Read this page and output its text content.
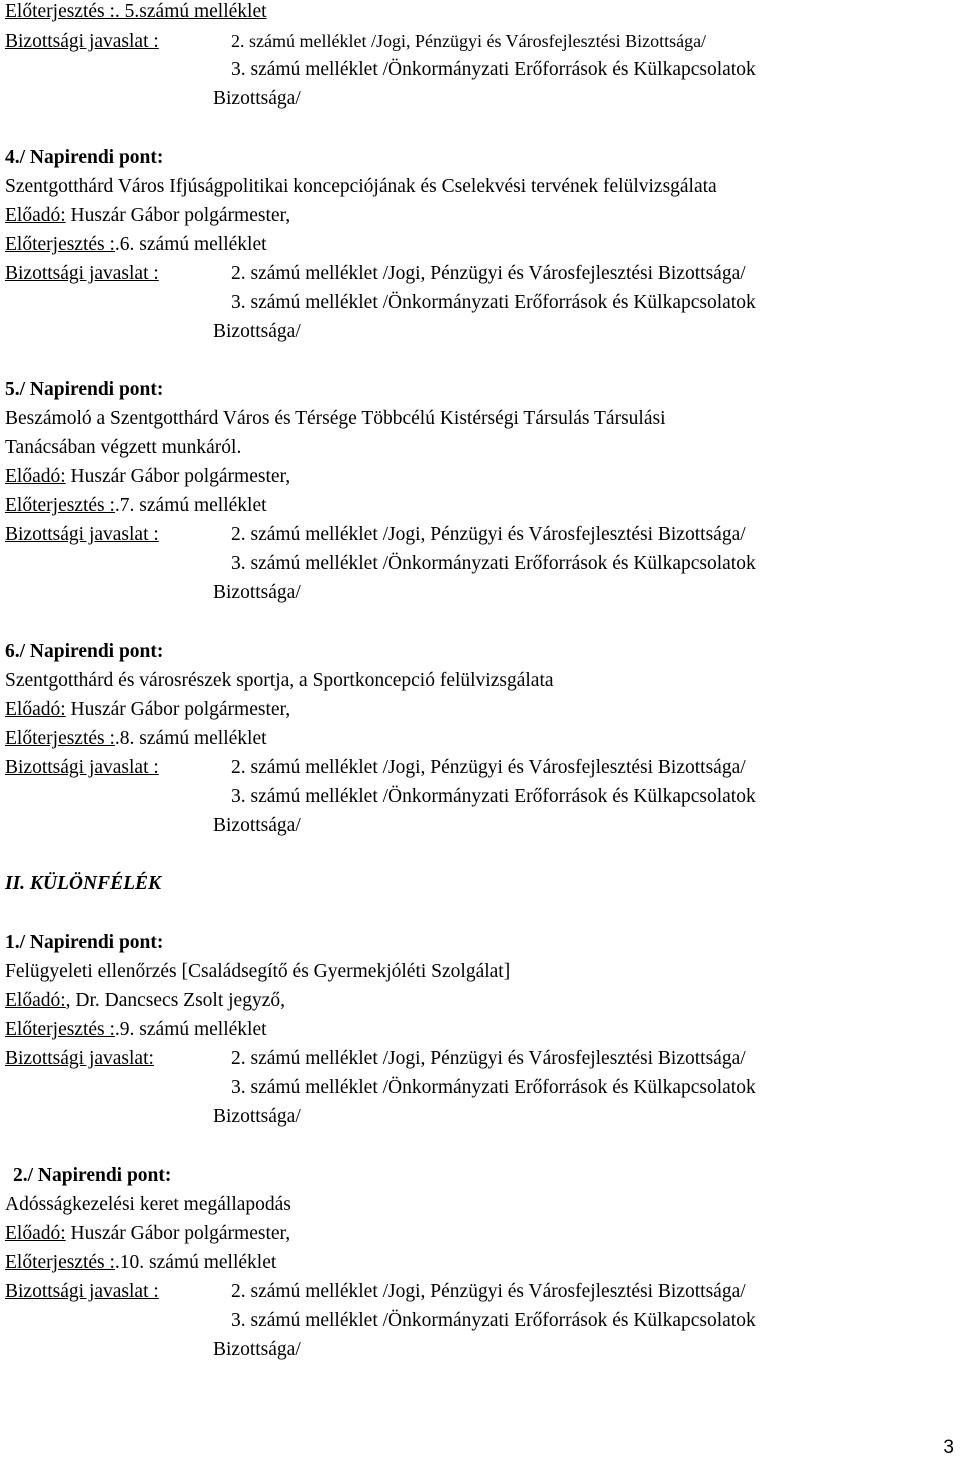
Előterjesztés :. 5.számú melléklet
Bizottsági javaslat :	2. számú melléklet /Jogi, Pénzügyi és Városfejlesztési Bizottsága/
3. számú melléklet /Önkormányzati Erőforrások és Külkapcsolatok
Bizottsága/
4./ Napirendi pont:
Szentgotthárd Város Ifjúságpolitikai koncepciójának és Cselekvési tervének felülvizsgálata
Előadó: Huszár Gábor polgármester,
Előterjesztés :.6. számú melléklet
Bizottsági javaslat :	2. számú melléklet /Jogi, Pénzügyi és Városfejlesztési Bizottsága/
3. számú melléklet /Önkormányzati Erőforrások és Külkapcsolatok
Bizottsága/
5./ Napirendi pont:
Beszámoló a Szentgotthárd Város és Térsége Többcélú Kistérségi Társulás Társulási
Tanácsában végzett munkáról.
Előadó: Huszár Gábor polgármester,
Előterjesztés :.7. számú melléklet
Bizottsági javaslat :	2. számú melléklet /Jogi, Pénzügyi és Városfejlesztési Bizottsága/
3. számú melléklet /Önkormányzati Erőforrások és Külkapcsolatok
Bizottsága/
6./ Napirendi pont:
Szentgotthárd és városrészek sportja, a Sportkoncepció felülvizsgálata
Előadó: Huszár Gábor polgármester,
Előterjesztés :.8. számú melléklet
Bizottsági javaslat :	2. számú melléklet /Jogi, Pénzügyi és Városfejlesztési Bizottsága/
3. számú melléklet /Önkormányzati Erőforrások és Külkapcsolatok
Bizottsága/
II. KÜLÖNFÉLÉK
1./ Napirendi pont:
Felügyeleti ellenőrzés [Családsegítő és Gyermekjóléti Szolgálat]
Előadó:, Dr. Dancsecs Zsolt jegyző,
Előterjesztés :.9. számú melléklet
Bizottsági javaslat:	2. számú melléklet /Jogi, Pénzügyi és Városfejlesztési Bizottsága/
3. számú melléklet /Önkormányzati Erőforrások és Külkapcsolatok
Bizottsága/
2./ Napirendi pont:
Adósságkezelési keret megállapodás
Előadó: Huszár Gábor polgármester,
Előterjesztés :.10. számú melléklet
Bizottsági javaslat :	2. számú melléklet /Jogi, Pénzügyi és Városfejlesztési Bizottsága/
3. számú melléklet /Önkormányzati Erőforrások és Külkapcsolatok
Bizottsága/
3
